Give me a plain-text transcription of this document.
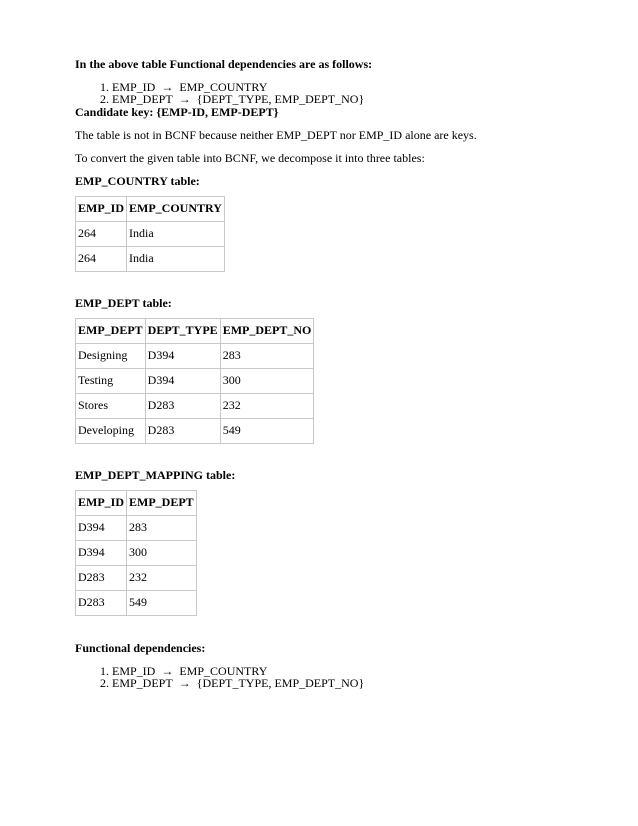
In the above table Functional dependencies are as follows:

1. EMP_ID → EMP_COUNTRY
2. EMP_DEPT → {DEPT_TYPE, EMP_DEPT_NO}

Candidate key: {EMP-ID, EMP-DEPT}

The table is not in BCNF because neither EMP_DEPT nor EMP_ID alone are keys.

To convert the given table into BCNF, we decompose it into three tables:

EMP_COUNTRY table:

EMP_ID	EMP_COUNTRY
264	India
264	India

EMP_DEPT table:

EMP_DEPT	DEPT_TYPE	EMP_DEPT_NO
Designing	D394	283
Testing	D394	300
Stores	D283	232
Developing	D283	549

EMP_DEPT_MAPPING table:

EMP_ID	EMP_DEPT
D394	283
D394	300
D283	232
D283	549

Functional dependencies:

1. EMP_ID → EMP_COUNTRY
2. EMP_DEPT → {DEPT_TYPE, EMP_DEPT_NO}
